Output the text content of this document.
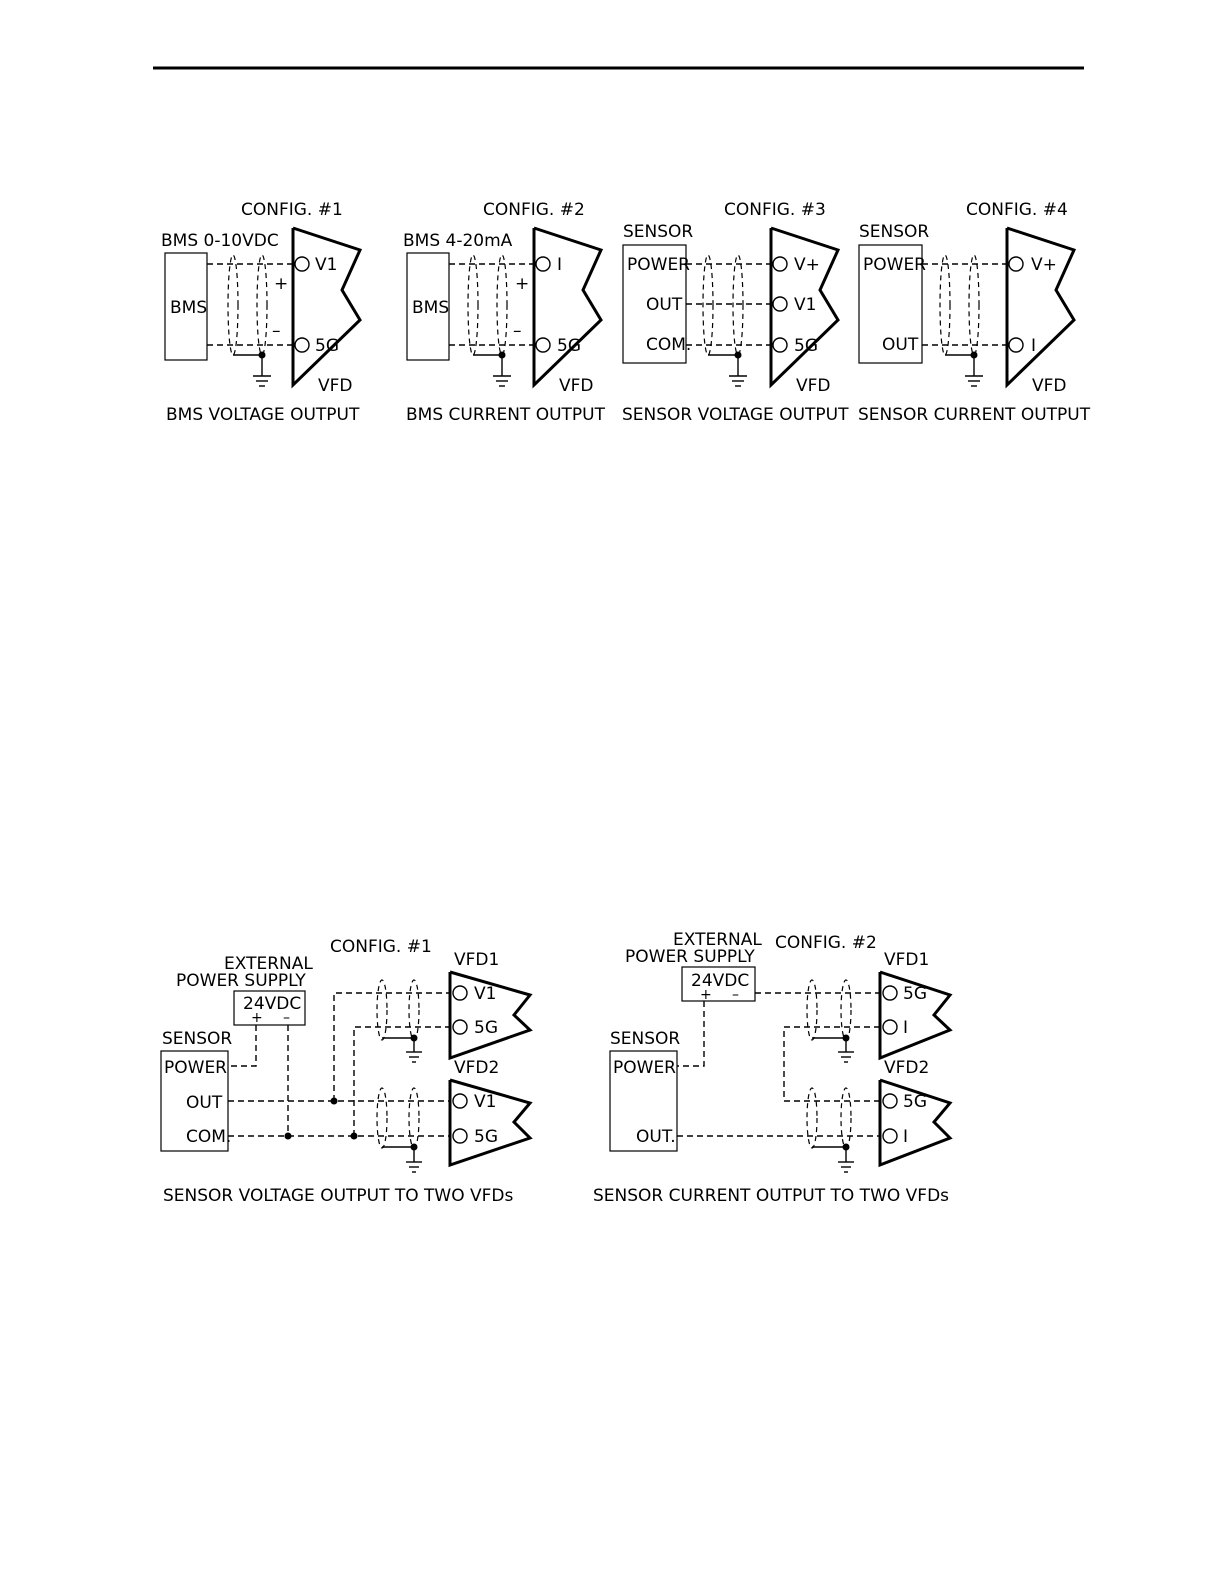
CONFIG. #1
BMS 0-10VDC
BMS
+
–
V1
5G
VFD
BMS VOLTAGE OUTPUT
CONFIG. #2
BMS 4-20mA
BMS
+
–
I
5G
VFD
BMS CURRENT OUTPUT
CONFIG. #3
SENSOR
POWER
OUT
COM.
V+
V1
5G
VFD
SENSOR VOLTAGE OUTPUT
CONFIG. #4
SENSOR
POWER
OUT
V+
I
VFD
SENSOR CURRENT OUTPUT
CONFIG. #1
EXTERNAL
POWER SUPPLY
24VDC
+ –
SENSOR
POWER
OUT
COM.
VFD1
V1
5G
VFD2
V1
5G
SENSOR VOLTAGE OUTPUT TO TWO VFDs
CONFIG. #2
EXTERNAL
POWER SUPPLY
24VDC
+ –
SENSOR
POWER
OUT.
VFD1
5G
I
VFD2
5G
I
SENSOR CURRENT OUTPUT TO TWO VFDs
